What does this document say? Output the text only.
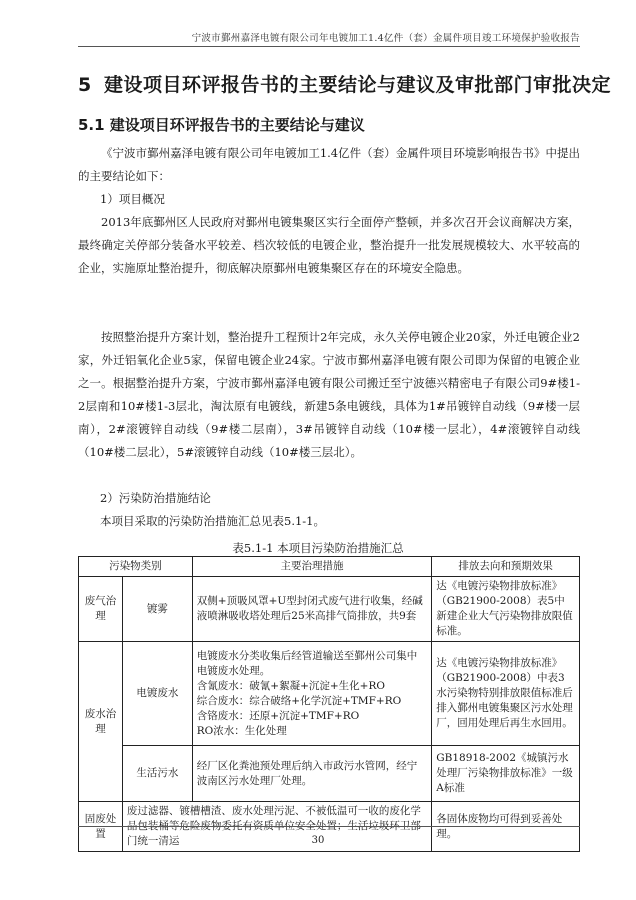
宁波市鄞州嘉泽电镀有限公司年电镀加工1.4亿件（套）金属件项目竣工环境保护验收报告
5 建设项目环评报告书的主要结论与建议及审批部门审批决定
5.1 建设项目环评报告书的主要结论与建议
《宁波市鄞州嘉泽电镀有限公司年电镀加工1.4亿件（套）金属件项目环境影响报告书》中提出的主要结论如下：
1）项目概况
2013年底鄞州区人民政府对鄞州电镀集聚区实行全面停产整顿，并多次召开会议商解决方案，最终确定关停部分装备水平较差、档次较低的电镀企业，整治提升一批发展规模较大、水平较高的企业，实施原址整治提升，彻底解决原鄞州电镀集聚区存在的环境安全隐患。
按照整治提升方案计划，整治提升工程预计2年完成，永久关停电镀企业20家，外迁电镀企业2家，外迁铝氧化企业5家，保留电镀企业24家。宁波市鄞州嘉泽电镀有限公司即为保留的电镀企业之一。根据整治提升方案，宁波市鄞州嘉泽电镀有限公司搬迁至宁波德兴精密电子有限公司9#楼1-2层南和10#楼1-3层北，淘汰原有电镀线，新建5条电镀线，具体为1#吊镀锌自动线（9#楼一层南），2#滚镀锌自动线（9#楼二层南），3#吊镀锌自动线（10#楼一层北），4#滚镀锌自动线（10#楼二层北），5#滚镀锌自动线（10#楼三层北）。
2）污染防治措施结论
本项目采取的污染防治措施汇总见表5.1-1。
表5.1-1 本项目污染防治措施汇总
污染物类别		主要治理措施	排放去向和预期效果
废气治理	镀雾	双侧+顶吸风罩+U型封闭式废气进行收集，经碱液喷淋吸收塔处理后25米高排气筒排放，共9套	达《电镀污染物排放标准》（GB21900-2008）表5中新建企业大气污染物排放限值标准。
废水治理	电镀废水	电镀废水分类收集后经管道输送至鄞州公司集中电镀废水处理。
含氰废水：破氰+絮凝+沉淀+生化+RO
综合废水：综合破络+化学沉淀+TMF+RO
含铬废水：还原+沉淀+TMF+RO
RO浓水：生化处理	达《电镀污染物排放标准》（GB21900-2008）中表3水污染物特别排放限值标准后排入鄞州电镀集聚区污水处理厂，回用处理后再生水回用。
	生活污水	经厂区化粪池预处理后纳入市政污水管网，经宁波南区污水处理厂处理。	GB18918-2002《城镇污水处理厂污染物排放标准》一级A标准
固废处置	废过滤器、镀槽槽渣、废水处理污泥、不被低温可一收的废化学品包装桶等危险废物委托有资质单位安全处置；生活垃圾环卫部门统一清运		各固体废物均可得到妥善处理。
30
